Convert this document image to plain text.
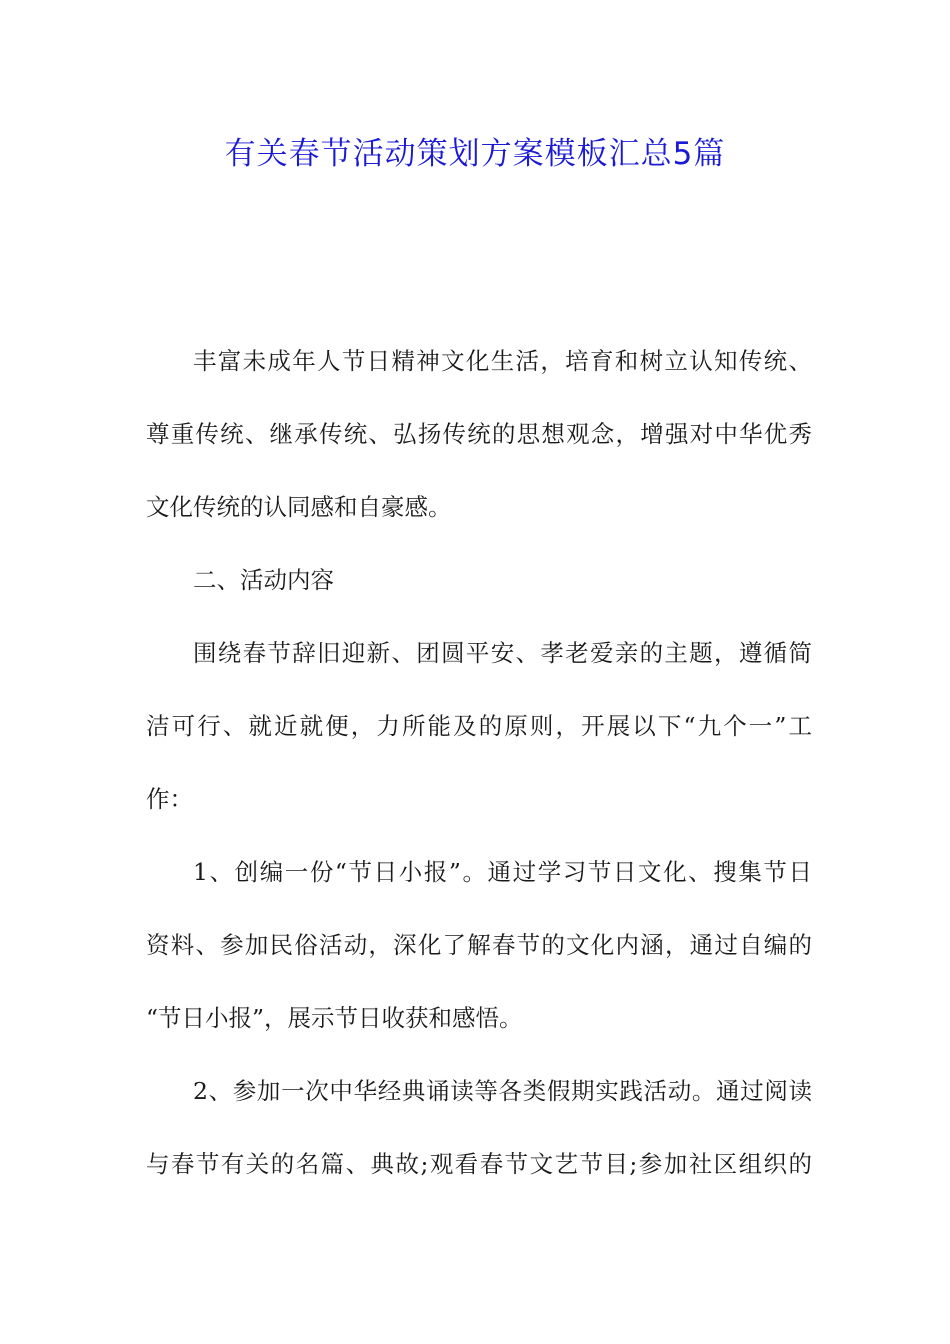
有关春节活动策划方案模板汇总5篇
丰富未成年人节日精神文化生活，培育和树立认知传统、
尊重传统、继承传统、弘扬传统的思想观念，增强对中华优秀
文化传统的认同感和自豪感。
二、活动内容
围绕春节辞旧迎新、团圆平安、孝老爱亲的主题，遵循简
洁可行、就近就便，力所能及的原则，开展以下“九个一”工
作：
1、创编一份“节日小报”。通过学习节日文化、搜集节日
资料、参加民俗活动，深化了解春节的文化内涵，通过自编的
“节日小报”，展示节日收获和感悟。
2、参加一次中华经典诵读等各类假期实践活动。通过阅读
与春节有关的名篇、典故;观看春节文艺节目;参加社区组织的
